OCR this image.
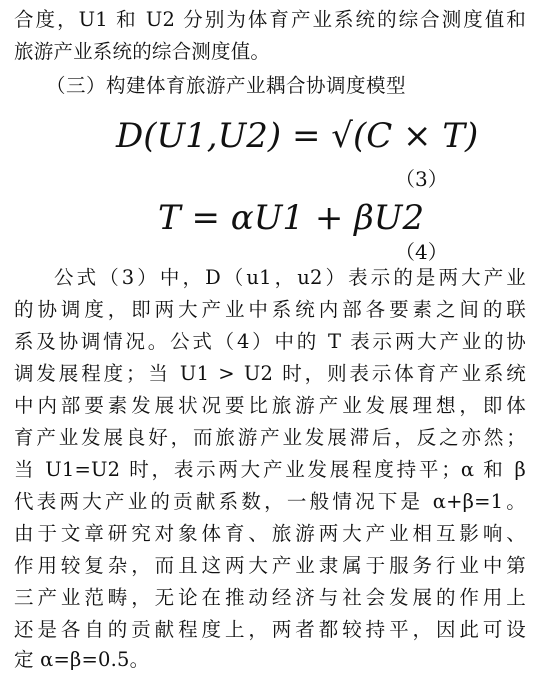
合度，U1 和 U2 分别为体育产业系统的综合测度值和
旅游产业系统的综合测度值。
（三）构建体育旅游产业耦合协调度模型
D(U1,U2) = √(C × T)
（3）
T = αU1 + βU2
（4）
公式（3）中，D（u1，u2）表示的是两大产业
的协调度，即两大产业中系统内部各要素之间的联
系及协调情况。公式（4）中的 T 表示两大产业的协
调发展程度；当 U1 > U2 时，则表示体育产业系统
中内部要素发展状况要比旅游产业发展理想，即体
育产业发展良好，而旅游产业发展滞后，反之亦然；
当 U1=U2 时，表示两大产业发展程度持平；α 和 β
代表两大产业的贡献系数，一般情况下是 α+β=1。
由于文章研究对象体育、旅游两大产业相互影响、
作用较复杂，而且这两大产业隶属于服务行业中第
三产业范畴，无论在推动经济与社会发展的作用上
还是各自的贡献程度上，两者都较持平，因此可设
定 α=β=0.5。
